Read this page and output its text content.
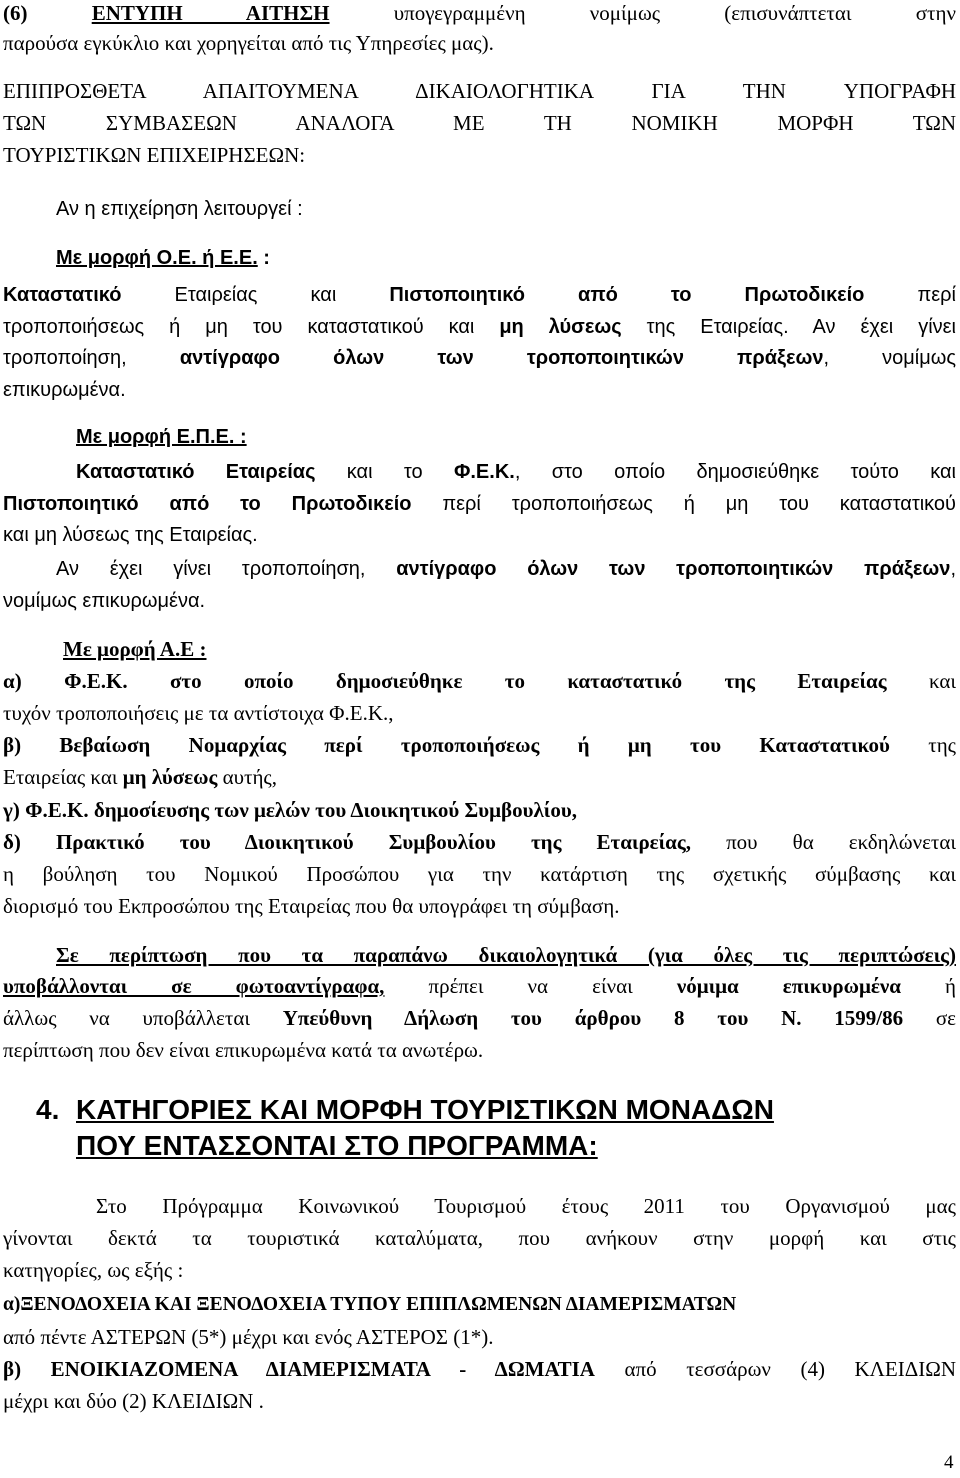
(6) ΕΝΤΥΠΗ ΑΙΤΗΣΗ υπογεγραμμένη νομίμως (επισυνάπτεται στην
παρούσα εγκύκλιο και χορηγείται από τις Υπηρεσίες μας).
ΕΠΙΠΡΟΣΘΕΤΑ ΑΠΑΙΤΟΥΜΕΝΑ ΔΙΚΑΙΟΛΟΓΗΤΙΚΑ ΓΙΑ ΤΗΝ ΥΠΟΓΡΑΦΗ
ΤΩΝ ΣΥΜΒΑΣΕΩΝ ΑΝΑΛΟΓΑ ΜΕ ΤΗ ΝΟΜΙΚΗ ΜΟΡΦΗ ΤΩΝ
ΤΟΥΡΙΣΤΙΚΩΝ ΕΠΙΧΕΙΡΗΣΕΩΝ:
Αν η επιχείρηση λειτουργεί :
Με μορφή Ο.Ε. ή Ε.Ε. :
Καταστατικό Εταιρείας και Πιστοποιητικό από το Πρωτοδικείο περί
τροποποιήσεως ή μη του καταστατικού και μη λύσεως της Εταιρείας. Αν έχει γίνει
τροποποίηση, αντίγραφο όλων των τροποποιητικών πράξεων, νομίμως
επικυρωμένα.
Με μορφή Ε.Π.Ε. :
Καταστατικό Εταιρείας και το Φ.Ε.Κ., στο οποίο δημοσιεύθηκε τούτο και
Πιστοποιητικό από το Πρωτοδικείο περί τροποποιήσεως ή μη του καταστατικού
και μη λύσεως της Εταιρείας.
Αν έχει γίνει τροποποίηση, αντίγραφο όλων των τροποποιητικών πράξεων,
νομίμως επικυρωμένα.
Με μορφή Α.Ε :
α) Φ.Ε.Κ. στο οποίο δημοσιεύθηκε το καταστατικό της Εταιρείας και
τυχόν τροποποιήσεις με τα αντίστοιχα Φ.Ε.Κ.,
β) Βεβαίωση Νομαρχίας περί τροποποιήσεως ή μη του Καταστατικού της
Εταιρείας και μη λύσεως αυτής,
γ) Φ.Ε.Κ. δημοσίευσης των μελών του Διοικητικού Συμβουλίου,
δ) Πρακτικό του Διοικητικού Συμβουλίου της Εταιρείας, που θα εκδηλώνεται
η βούληση του Νομικού Προσώπου για την κατάρτιση της σχετικής σύμβασης και
διορισμό του Εκπροσώπου της Εταιρείας που θα υπογράφει τη σύμβαση.
Σε περίπτωση που τα παραπάνω δικαιολογητικά (για όλες τις περιπτώσεις)
υποβάλλονται σε φωτοαντίγραφα, πρέπει να είναι νόμιμα επικυρωμένα ή
άλλως να υποβάλλεται Υπεύθυνη Δήλωση του άρθρου 8 του Ν. 1599/86 σε
περίπτωση που δεν είναι επικυρωμένα κατά τα ανωτέρω.
4. ΚΑΤΗΓΟΡΙΕΣ ΚΑΙ ΜΟΡΦΗ ΤΟΥΡΙΣΤΙΚΩΝ ΜΟΝΑΔΩΝ
ΠΟΥ ΕΝΤΑΣΣΟΝΤΑΙ ΣΤΟ ΠΡΟΓΡΑΜΜΑ:
Στο Πρόγραμμα Κοινωνικού Τουρισμού έτους 2011 του Οργανισμού μας
γίνονται δεκτά τα τουριστικά καταλύματα, που ανήκουν στην μορφή και στις
κατηγορίες, ως εξής :
α)ΞΕΝΟΔΟΧΕΙΑ ΚΑΙ ΞΕΝΟΔΟΧΕΙΑ ΤΥΠΟΥ ΕΠΙΠΛΩΜΕΝΩΝ ΔΙΑΜΕΡΙΣΜΑΤΩΝ
από πέντε ΑΣΤΕΡΩΝ (5*) μέχρι και ενός ΑΣΤΕΡΟΣ (1*).
β) ΕΝΟΙΚΙΑΖΟΜΕΝΑ ΔΙΑΜΕΡΙΣΜΑΤΑ - ΔΩΜΑΤΙΑ από τεσσάρων (4) ΚΛΕΙΔΙΩΝ
μέχρι και δύο (2) ΚΛΕΙΔΙΩΝ .
4
